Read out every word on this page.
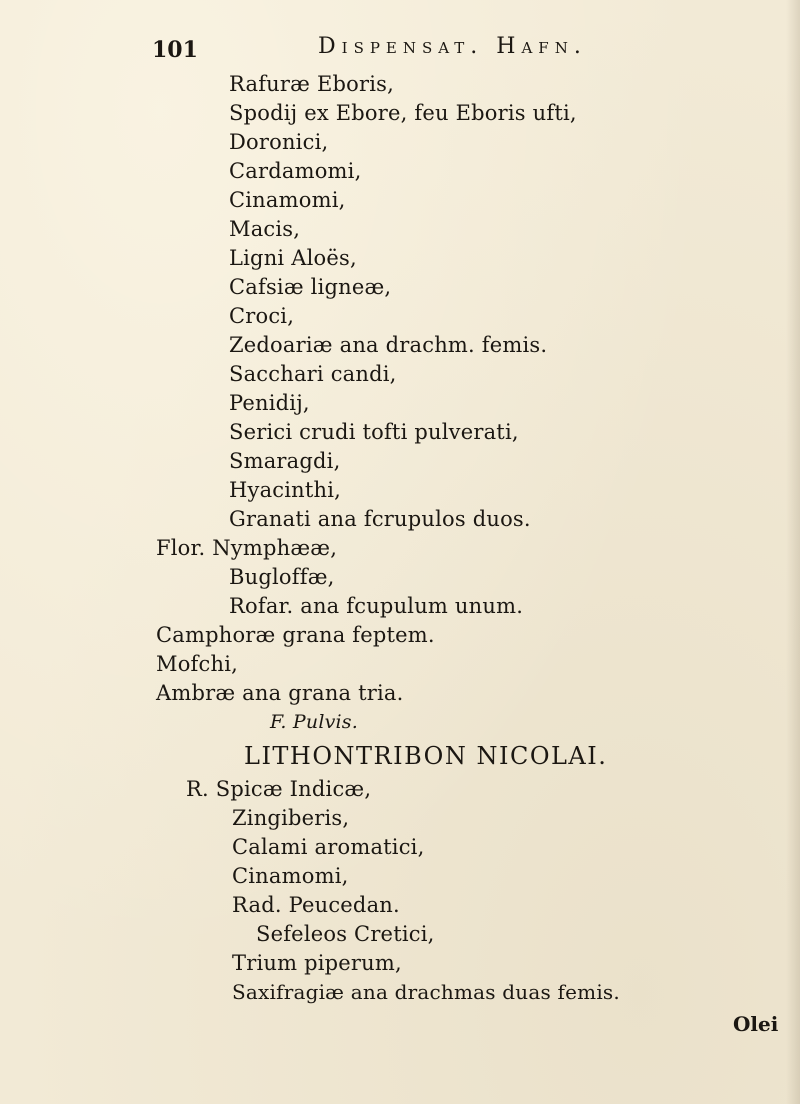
101	Dispensat. Hafn.
Rafuræ Eboris,
Spodij ex Ebore, feu Eboris ufti,
Doronici,
Cardamomi,
Cinamomi,
Macis,
Ligni Aloës,
Cafsiæ ligneæ,
Croci,
Zedoariæ ana drachm. femis.
Sacchari candi,
Penidij,
Serici crudi tofti pulverati,
Smaragdi,
Hyacinthi,
Granati ana fcrupulos duos.
Flor. Nymphææ,
Bugloffæ,
Rofar. ana fcupulum unum.
Camphoræ grana feptem.
Mofchi,
Ambræ ana grana tria.
F. Pulvis.
LITHONTRIBON NICOLAI.
R. Spicæ Indicæ,
Zingiberis,
Calami aromatici,
Cinamomi,
Rad. Peucedan.
Sefeleos Cretici,
Trium piperum,
Saxifragiæ ana drachmas duas femis.
Olei
